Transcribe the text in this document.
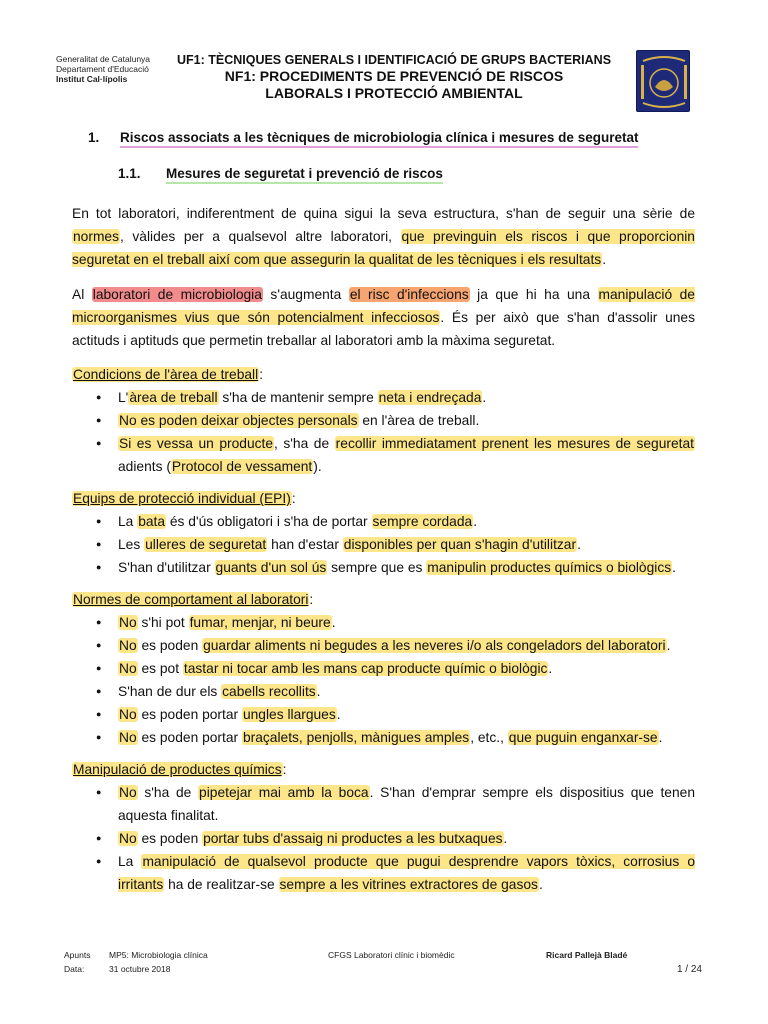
Generalitat de Catalunya
Departament d'Educació
Institut Cal·lípolis
UF1: TÈCNIQUES GENERALS I IDENTIFICACIÓ DE GRUPS BACTERIANS
NF1: PROCEDIMENTS DE PREVENCIÓ DE RISCOS
LABORALS I PROTECCIÓ AMBIENTAL
1.	Riscos associats a les tècniques de microbiologia clínica i mesures de seguretat
1.1.	Mesures de seguretat i prevenció de riscos

En tot laboratori, indiferentment de quina sigui la seva estructura, s'han de seguir una sèrie de normes, vàlides per a qualsevol altre laboratori, que previnguin els riscos i que proporcionin seguretat en el treball així com que assegurin la qualitat de les tècniques i els resultats.

Al laboratori de microbiologia s'augmenta el risc d'infeccions ja que hi ha una manipulació de microorganismes vius que són potencialment infecciosos. És per això que s'han d'assolir unes actituds i aptituds que permetin treballar al laboratori amb la màxima seguretat.

Condicions de l'àrea de treball:
● L'àrea de treball s'ha de mantenir sempre neta i endreçada.
● No es poden deixar objectes personals en l'àrea de treball.
● Si es vessa un producte, s'ha de recollir immediatament prenent les mesures de seguretat adients (Protocol de vessament).
Equips de protecció individual (EPI):
● La bata és d'ús obligatori i s'ha de portar sempre cordada.
● Les ulleres de seguretat han d'estar disponibles per quan s'hagin d'utilitzar.
● S'han d'utilitzar guants d'un sol ús sempre que es manipulin productes químics o biològics.
Normes de comportament al laboratori:
● No s'hi pot fumar, menjar, ni beure.
● No es poden guardar aliments ni begudes a les neveres i/o als congeladors del laboratori.
● No es pot tastar ni tocar amb les mans cap producte químic o biològic.
● S'han de dur els cabells recollits.
● No es poden portar ungles llargues.
● No es poden portar braçalets, penjolls, mànigues amples, etc., que puguin enganxar-se.
Manipulació de productes químics:
● No s'ha de pipetejar mai amb la boca. S'han d'emprar sempre els dispositius que tenen aquesta finalitat.
● No es poden portar tubs d'assaig ni productes a les butxaques.
● La manipulació de qualsevol producte que pugui desprendre vapors tòxics, corrosius o irritants ha de realitzar-se sempre a les vitrines extractores de gasos.
Apunts MP5: Microbiologia clínica	CFGS Laboratori clínic i biomèdic	Ricard Pallejà Bladé
Data:	31 octubre 2018	1 / 24
